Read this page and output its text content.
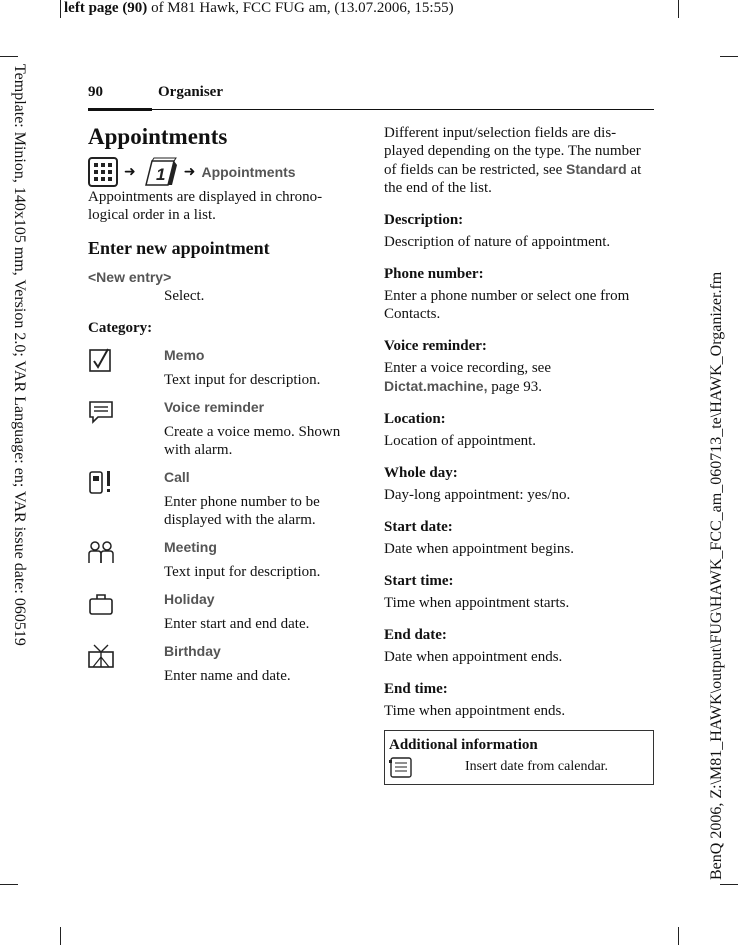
left page (90) of M81 Hawk, FCC FUG am, (13.07.2006, 15:55)
Template: Minion, 140x105 mm, Version 2.0; VAR Language: en; VAR issue date: 060519	BenQ 2006, Z:\M81_HAWK\output\FUG\HAWK_FCC_am_060713_te\HAWK_Organizer.fm
90	Organiser
Appointments
➜ 1 ➜ Appointments
Appointments are displayed in chrono-logical order in a list.
Enter new appointment
<New entry>
Select.
Category:
Memo
Text input for description.
Voice reminder
Create a voice memo. Shown with alarm.
Call
Enter phone number to be displayed with the alarm.
Meeting
Text input for description.
Holiday
Enter start and end date.
Birthday
Enter name and date.
Different input/selection fields are dis-played depending on the type. The number of fields can be restricted, see Standard at the end of the list.
Description:
Description of nature of appointment.
Phone number:
Enter a phone number or select one from Contacts.
Voice reminder:
Enter a voice recording, see Dictat.machine, page 93.
Location:
Location of appointment.
Whole day:
Day-long appointment: yes/no.
Start date:
Date when appointment begins.
Start time:
Time when appointment starts.
End date:
Date when appointment ends.
End time:
Time when appointment ends.
Additional information
Insert date from calendar.
